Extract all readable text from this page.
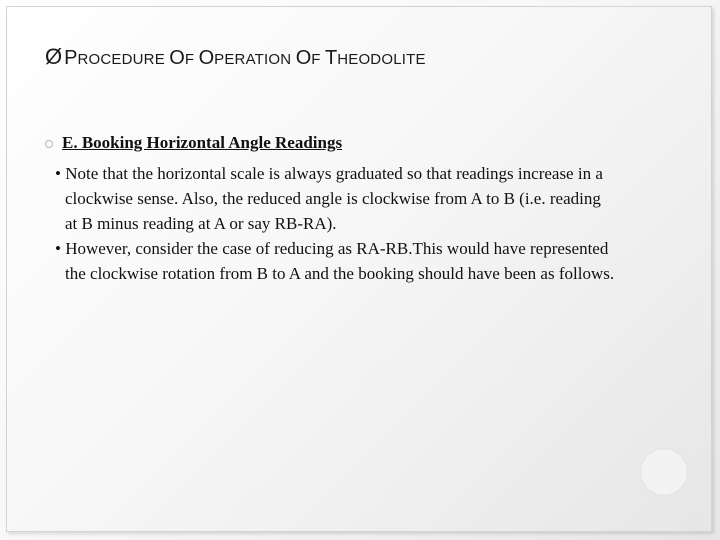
Ø PROCEDURE OF OPERATION OF THEODOLITE
E. Booking Horizontal Angle Readings
• Note that the horizontal scale is always graduated so that readings increase in a clockwise sense. Also, the reduced angle is clockwise from A to B (i.e. reading at B minus reading at A or say RB-RA).
• However, consider the case of reducing as RA-RB.This would have represented the clockwise rotation from B to A and the booking should have been as follows.
